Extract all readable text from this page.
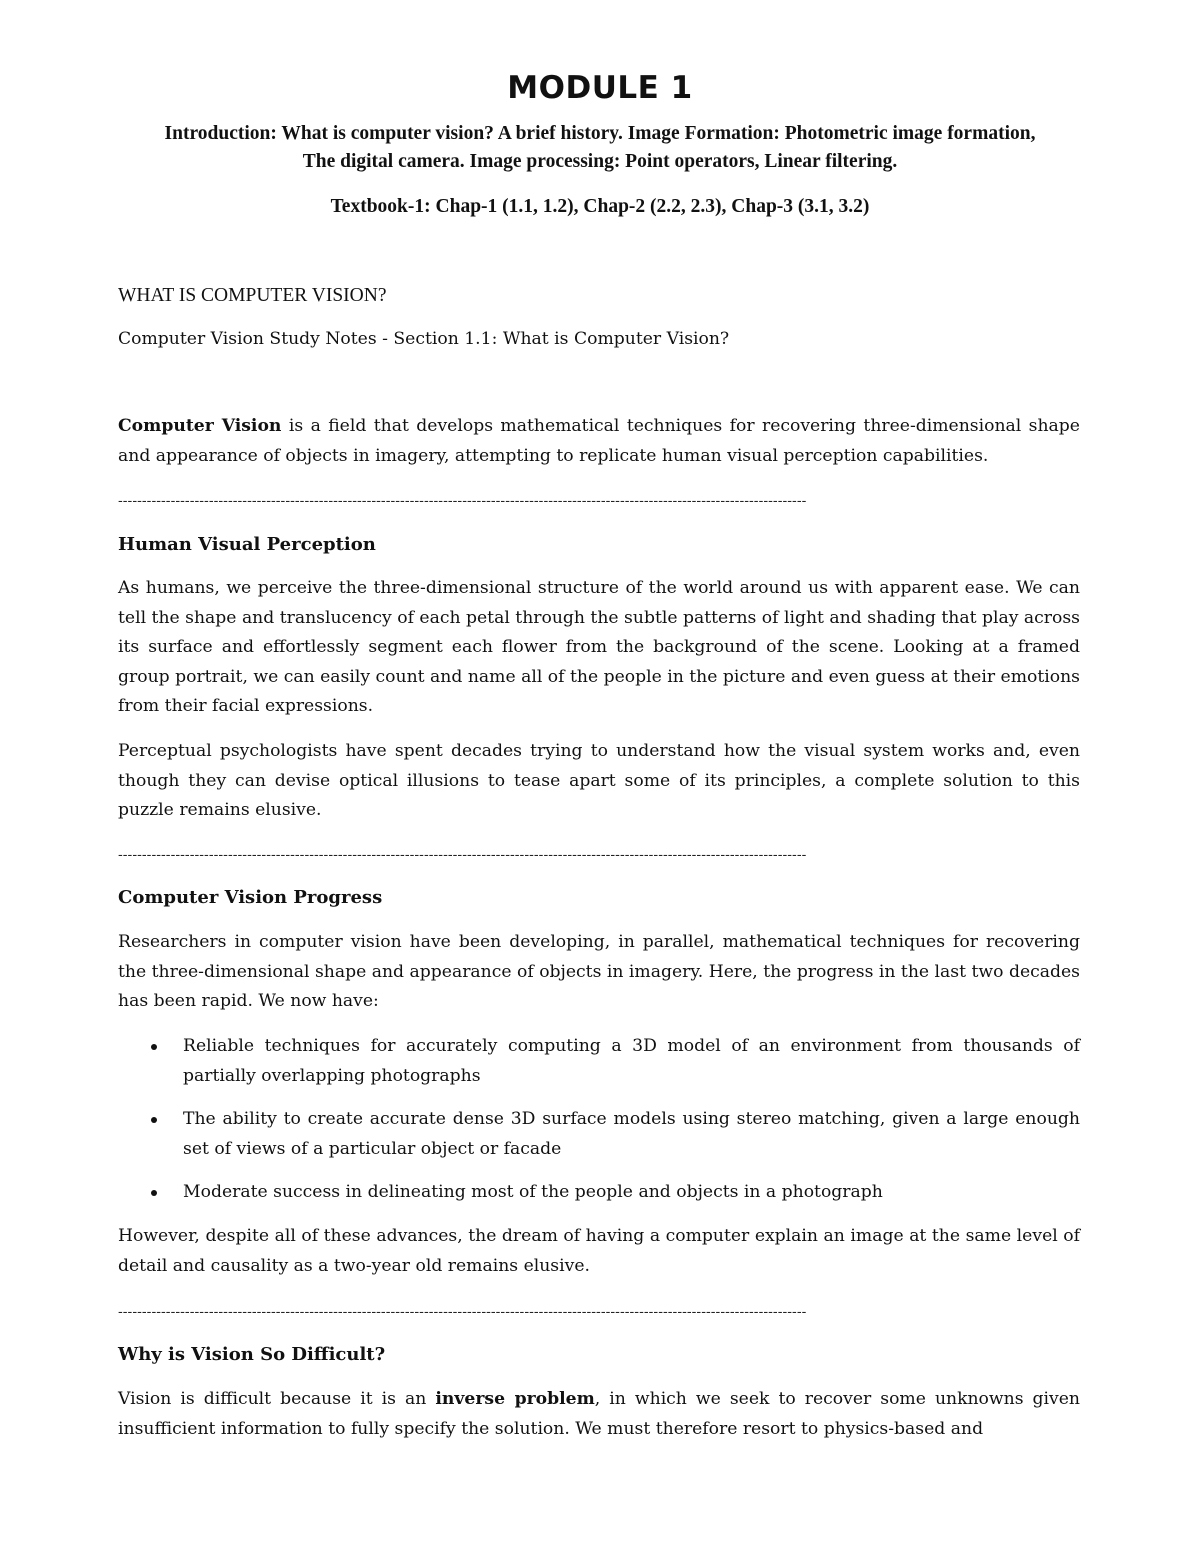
MODULE 1

Introduction: What is computer vision? A brief history. Image Formation: Photometric image formation, The digital camera. Image processing: Point operators, Linear filtering.

Textbook-1: Chap-1 (1.1, 1.2), Chap-2 (2.2, 2.3), Chap-3 (3.1, 3.2)

WHAT IS COMPUTER VISION?

Computer Vision Study Notes - Section 1.1: What is Computer Vision?

Computer Vision is a field that develops mathematical techniques for recovering three-dimensional shape and appearance of objects in imagery, attempting to replicate human visual perception capabilities.

------------------------------------------------------------------------------------------------------------------------------------------------
Human Visual Perception

As humans, we perceive the three-dimensional structure of the world around us with apparent ease. We can tell the shape and translucency of each petal through the subtle patterns of light and shading that play across its surface and effortlessly segment each flower from the background of the scene. Looking at a framed group portrait, we can easily count and name all of the people in the picture and even guess at their emotions from their facial expressions.

Perceptual psychologists have spent decades trying to understand how the visual system works and, even though they can devise optical illusions to tease apart some of its principles, a complete solution to this puzzle remains elusive.

------------------------------------------------------------------------------------------------------------------------------------------------
Computer Vision Progress

Researchers in computer vision have been developing, in parallel, mathematical techniques for recovering the three-dimensional shape and appearance of objects in imagery. Here, the progress in the last two decades has been rapid. We now have:

Reliable techniques for accurately computing a 3D model of an environment from thousands of partially overlapping photographs
The ability to create accurate dense 3D surface models using stereo matching, given a large enough set of views of a particular object or facade
Moderate success in delineating most of the people and objects in a photograph

However, despite all of these advances, the dream of having a computer explain an image at the same level of detail and causality as a two-year old remains elusive.

------------------------------------------------------------------------------------------------------------------------------------------------
Why is Vision So Difficult?

Vision is difficult because it is an inverse problem, in which we seek to recover some unknowns given insufficient information to fully specify the solution. We must therefore resort to physics-based and
